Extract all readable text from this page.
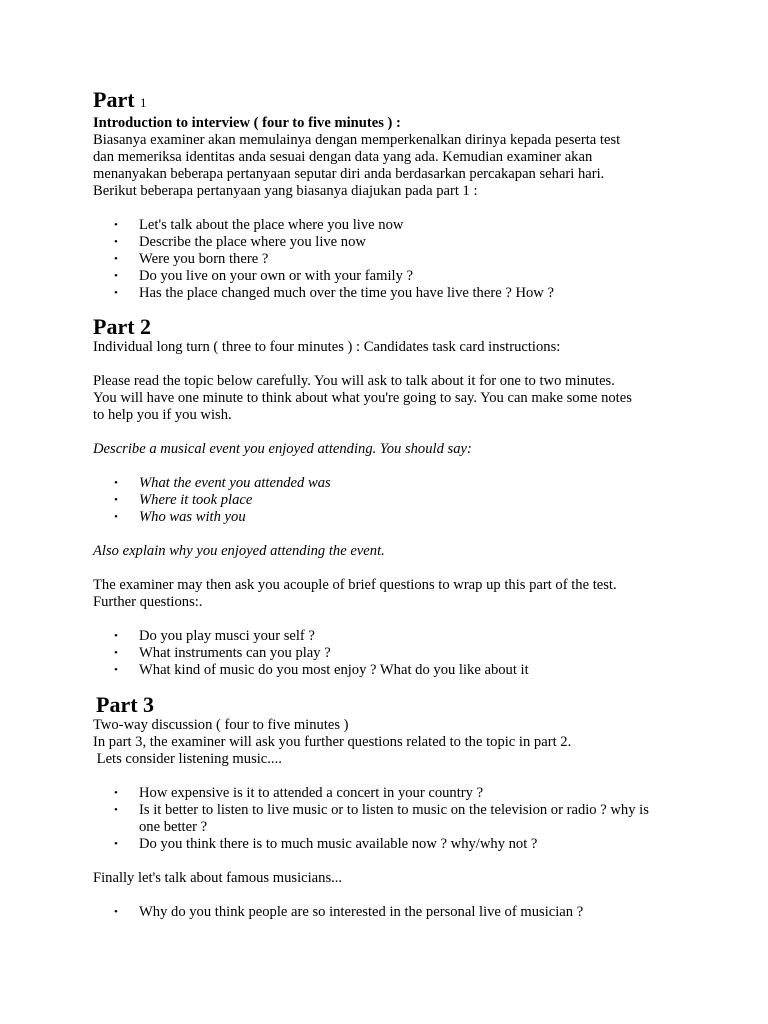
Part 1

Introduction to interview ( four to five minutes ) :

Biasanya examiner akan memulainya dengan memperkenalkan dirinya kepada peserta test

dan memeriksa identitas anda sesuai dengan data yang ada. Kemudian examiner akan

menanyakan beberapa pertanyaan seputar diri anda berdasarkan percakapan sehari hari.

Berikut beberapa pertanyaan yang biasanya diajukan pada part 1 :

• Let's talk about the place where you live now
• Describe the place where you live now
• Were you born there ?
• Do you live on your own or with your family ?
• Has the place changed much over the time you have live there ? How ?
Part 2

Individual long turn ( three to four minutes ) : Candidates task card instructions:

Please read the topic below carefully. You will ask to talk about it for one to two minutes.

You will have one minute to think about what you're going to say. You can make some notes

to help you if you wish.

Describe a musical event you enjoyed attending. You should say:

• What the event you attended was
• Where it took place
• Who was with you

Also explain why you enjoyed attending the event.

The examiner may then ask you acouple of brief questions to wrap up this part of the test.

Further questions:.

• Do you play musci your self ?
• What instruments can you play ?
• What kind of music do you most enjoy ? What do you like about it
Part 3

Two-way discussion ( four to five minutes )

In part 3, the examiner will ask you further questions related to the topic in part 2.

Lets consider listening music....

• How expensive is it to attended a concert in your country ?
• Is it better to listen to live music or to listen to music on the television or radio ? why is one better ?
• Do you think there is to much music available now ? why/why not ?

Finally let's talk about famous musicians...

• Why do you think people are so interested in the personal live of musician ?
